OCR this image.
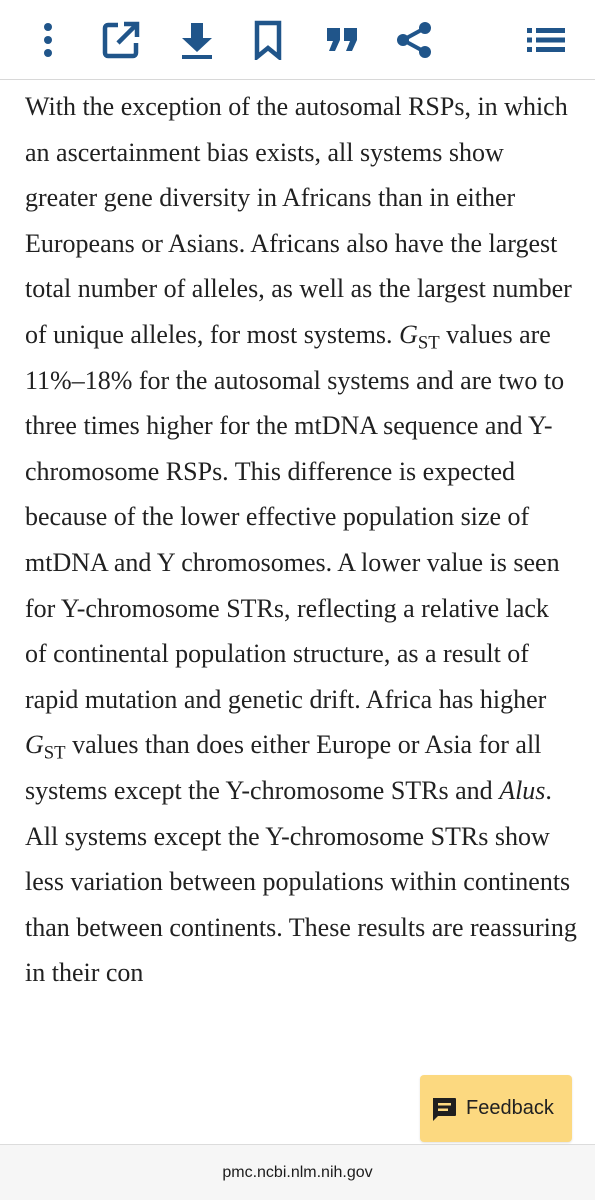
With the exception of the autosomal RSPs, in which an ascertainment bias exists, all systems show greater gene diversity in Africans than in either Europeans or Asians. Africans also have the largest total number of alleles, as well as the largest number of unique alleles, for most systems. $G_{ST}$ values are 11%–18% for the autosomal systems and are two to three times higher for the mtDNA sequence and Y-chromosome RSPs. This difference is expected because of the lower effective population size of mtDNA and Y chromosomes. A lower value is seen for Y-chromosome STRs, reflecting a relative lack of continental population structure, as a result of rapid mutation and genetic drift. Africa has higher $G_{ST}$ values than does either Europe or Asia for all systems except the Y-chromosome STRs and Alus. All systems except the Y-chromosome STRs show less variation between populations within continents than between continents. These results are reassuring in their con

Feedback
pmc.ncbi.nlm.nih.gov
